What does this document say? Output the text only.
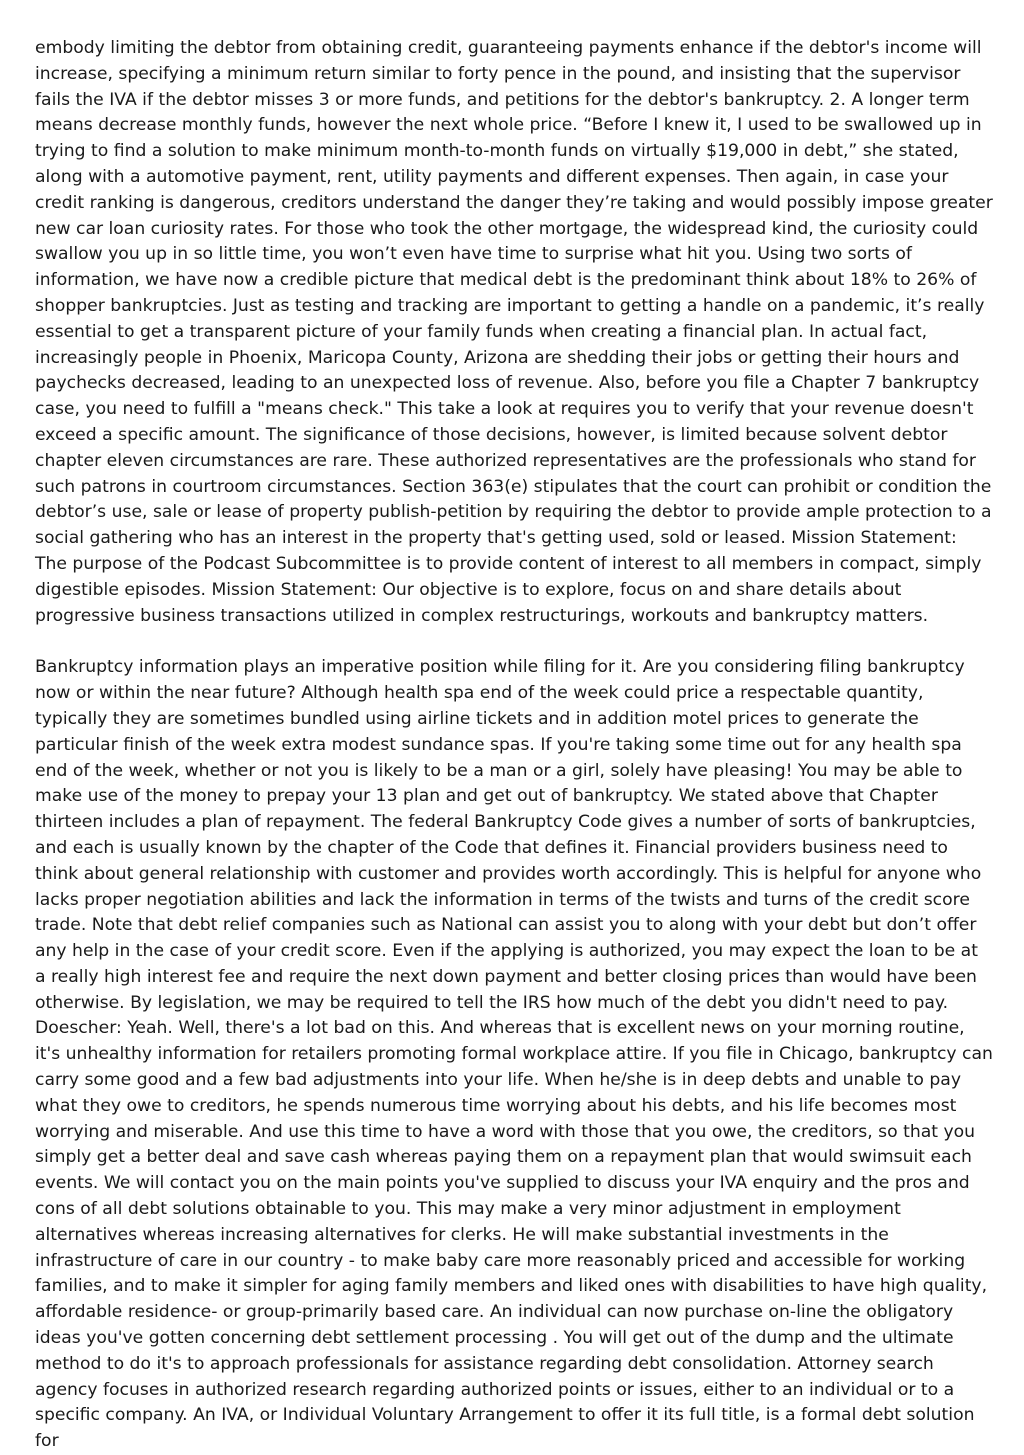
embody limiting the debtor from obtaining credit, guaranteeing payments enhance if the debtor's income will increase, specifying a minimum return similar to forty pence in the pound, and insisting that the supervisor fails the IVA if the debtor misses 3 or more funds, and petitions for the debtor's bankruptcy. 2. A longer term means decrease monthly funds, however the next whole price. “Before I knew it, I used to be swallowed up in trying to find a solution to make minimum month-to-month funds on virtually $19,000 in debt,” she stated, along with a automotive payment, rent, utility payments and different expenses. Then again, in case your credit ranking is dangerous, creditors understand the danger they’re taking and would possibly impose greater new car loan curiosity rates. For those who took the other mortgage, the widespread kind, the curiosity could swallow you up in so little time, you won’t even have time to surprise what hit you. Using two sorts of information, we have now a credible picture that medical debt is the predominant think about 18% to 26% of shopper bankruptcies. Just as testing and tracking are important to getting a handle on a pandemic, it’s really essential to get a transparent picture of your family funds when creating a financial plan. In actual fact, increasingly people in Phoenix, Maricopa County, Arizona are shedding their jobs or getting their hours and paychecks decreased, leading to an unexpected loss of revenue. Also, before you file a Chapter 7 bankruptcy case, you need to fulfill a "means check." This take a look at requires you to verify that your revenue doesn't exceed a specific amount. The significance of those decisions, however, is limited because solvent debtor chapter eleven circumstances are rare. These authorized representatives are the professionals who stand for such patrons in courtroom circumstances. Section 363(e) stipulates that the court can prohibit or condition the debtor’s use, sale or lease of property publish-petition by requiring the debtor to provide ample protection to a social gathering who has an interest in the property that's getting used, sold or leased. Mission Statement: The purpose of the Podcast Subcommittee is to provide content of interest to all members in compact, simply digestible episodes. Mission Statement: Our objective is to explore, focus on and share details about progressive business transactions utilized in complex restructurings, workouts and bankruptcy matters.

Bankruptcy information plays an imperative position while filing for it. Are you considering filing bankruptcy now or within the near future? Although health spa end of the week could price a respectable quantity, typically they are sometimes bundled using airline tickets and in addition motel prices to generate the particular finish of the week extra modest sundance spas. If you're taking some time out for any health spa end of the week, whether or not you is likely to be a man or a girl, solely have pleasing! You may be able to make use of the money to prepay your 13 plan and get out of bankruptcy. We stated above that Chapter thirteen includes a plan of repayment. The federal Bankruptcy Code gives a number of sorts of bankruptcies, and each is usually known by the chapter of the Code that defines it. Financial providers business need to think about general relationship with customer and provides worth accordingly. This is helpful for anyone who lacks proper negotiation abilities and lack the information in terms of the twists and turns of the credit score trade. Note that debt relief companies such as National can assist you to along with your debt but don’t offer any help in the case of your credit score. Even if the applying is authorized, you may expect the loan to be at a really high interest fee and require the next down payment and better closing prices than would have been otherwise. By legislation, we may be required to tell the IRS how much of the debt you didn't need to pay. Doescher: Yeah. Well, there's a lot bad on this. And whereas that is excellent news on your morning routine, it's unhealthy information for retailers promoting formal workplace attire. If you file in Chicago, bankruptcy can carry some good and a few bad adjustments into your life. When he/she is in deep debts and unable to pay what they owe to creditors, he spends numerous time worrying about his debts, and his life becomes most worrying and miserable. And use this time to have a word with those that you owe, the creditors, so that you simply get a better deal and save cash whereas paying them on a repayment plan that would swimsuit each events. We will contact you on the main points you've supplied to discuss your IVA enquiry and the pros and cons of all debt solutions obtainable to you. This may make a very minor adjustment in employment alternatives whereas increasing alternatives for clerks. He will make substantial investments in the infrastructure of care in our country - to make baby care more reasonably priced and accessible for working families, and to make it simpler for aging family members and liked ones with disabilities to have high quality, affordable residence- or group-primarily based care. An individual can now purchase on-line the obligatory ideas you've gotten concerning debt settlement processing . You will get out of the dump and the ultimate method to do it's to approach professionals for assistance regarding debt consolidation. Attorney search agency focuses in authorized research regarding authorized points or issues, either to an individual or to a specific company. An IVA, or Individual Voluntary Arrangement to offer it its full title, is a formal debt solution for
